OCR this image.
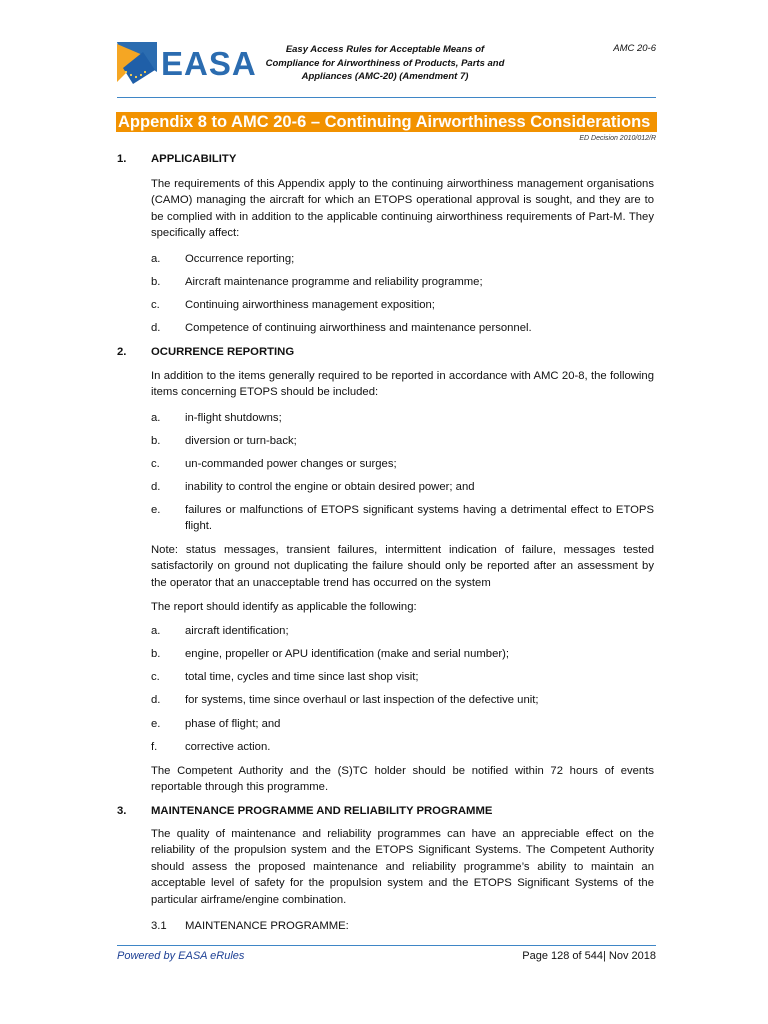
EASA	Easy Access Rules for Acceptable Means of
Compliance for Airworthiness of Products, Parts and
Appliances (AMC-20) (Amendment 7)
AMC 20-6
Appendix 8 to AMC 20-6 – Continuing Airworthiness Considerations
ED Decision 2010/012/R
1. APPLICABILITY
The requirements of this Appendix apply to the continuing airworthiness management organisations (CAMO) managing the aircraft for which an ETOPS operational approval is sought, and they are to be complied with in addition to the applicable continuing airworthiness requirements of Part-M. They specifically affect:
a. Occurrence reporting;
b. Aircraft maintenance programme and reliability programme;
c. Continuing airworthiness management exposition;
d. Competence of continuing airworthiness and maintenance personnel.
2. OCURRENCE REPORTING
In addition to the items generally required to be reported in accordance with AMC 20-8, the following items concerning ETOPS should be included:
a. in-flight shutdowns;
b. diversion or turn-back;
c. un-commanded power changes or surges;
d. inability to control the engine or obtain desired power; and
e. failures or malfunctions of ETOPS significant systems having a detrimental effect to ETOPS flight.
Note: status messages, transient failures, intermittent indication of failure, messages tested satisfactorily on ground not duplicating the failure should only be reported after an assessment by the operator that an unacceptable trend has occurred on the system
The report should identify as applicable the following:
a. aircraft identification;
b. engine, propeller or APU identification (make and serial number);
c. total time, cycles and time since last shop visit;
d. for systems, time since overhaul or last inspection of the defective unit;
e. phase of flight; and
f. corrective action.
The Competent Authority and the (S)TC holder should be notified within 72 hours of events reportable through this programme.
3. MAINTENANCE PROGRAMME AND RELIABILITY PROGRAMME
The quality of maintenance and reliability programmes can have an appreciable effect on the reliability of the propulsion system and the ETOPS Significant Systems. The Competent Authority should assess the proposed maintenance and reliability programme’s ability to maintain an acceptable level of safety for the propulsion system and the ETOPS Significant Systems of the particular airframe/engine combination.
3.1 MAINTENANCE PROGRAMME:
Powered by EASA eRules	Page 128 of 544| Nov 2018
